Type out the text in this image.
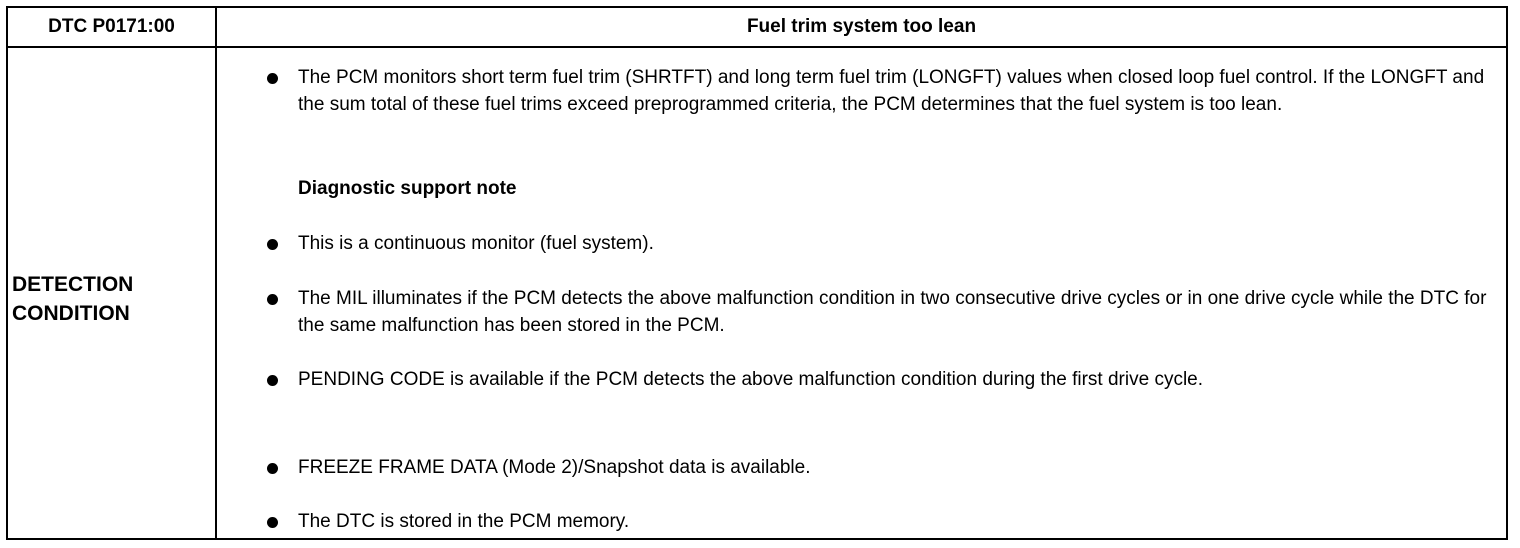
DTC P0171:00	Fuel trim system too lean
DETECTION
CONDITION
The PCM monitors short term fuel trim (SHRTFT) and long term fuel trim (LONGFT) values when closed loop fuel control. If the LONGFT and the sum total of these fuel trims exceed preprogrammed criteria, the PCM determines that the fuel system is too lean.
Diagnostic support note
This is a continuous monitor (fuel system).
The MIL illuminates if the PCM detects the above malfunction condition in two consecutive drive cycles or in one drive cycle while the DTC for the same malfunction has been stored in the PCM.
PENDING CODE is available if the PCM detects the above malfunction condition during the first drive cycle.
FREEZE FRAME DATA (Mode 2)/Snapshot data is available.
The DTC is stored in the PCM memory.
